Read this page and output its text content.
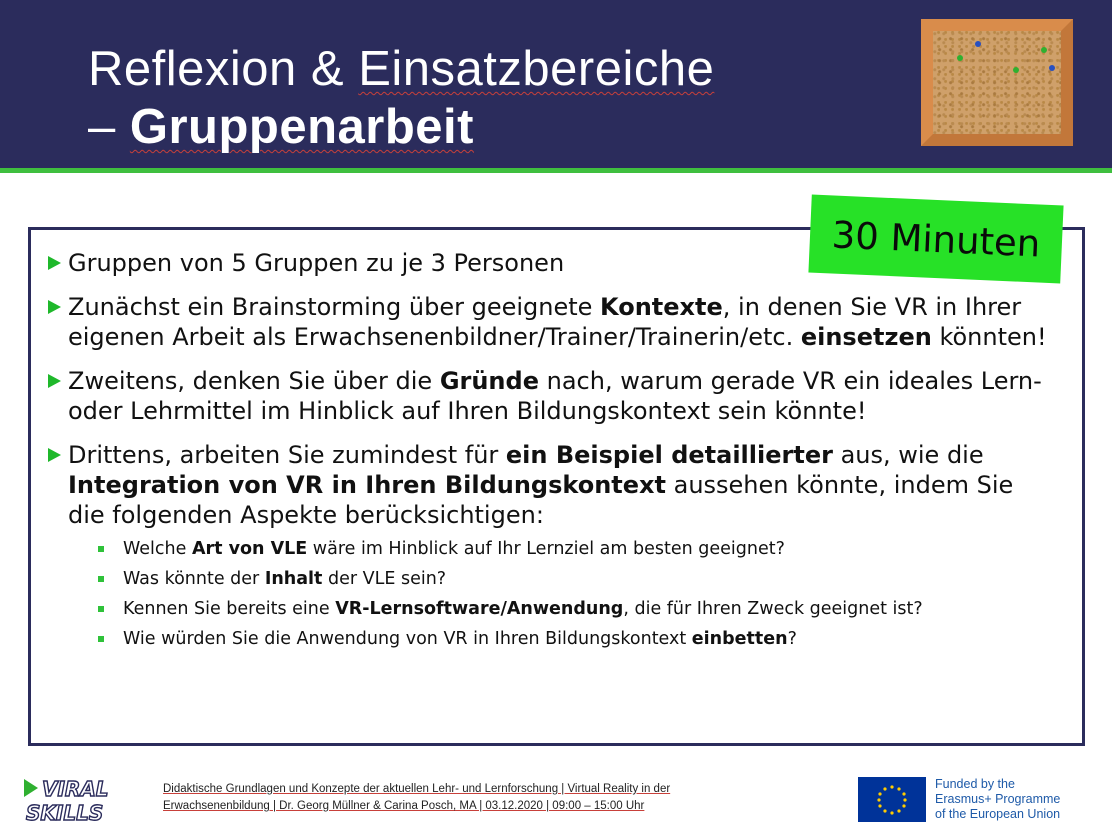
Reflexion & Einsatzbereiche
– Gruppenarbeit
Gruppen von 5 Gruppen zu je 3 Personen
Zunächst ein Brainstorming über geeignete Kontexte, in denen Sie VR in Ihrer eigenen Arbeit als Erwachsenenbildner/Trainer/Trainerin/etc. einsetzen könnten!
Zweitens, denken Sie über die Gründe nach, warum gerade VR ein ideales Lern- oder Lehrmittel im Hinblick auf Ihren Bildungskontext sein könnte!
Drittens, arbeiten Sie zumindest für ein Beispiel detaillierter aus, wie die Integration von VR in Ihren Bildungskontext aussehen könnte, indem Sie die folgenden Aspekte berücksichtigen:
Welche Art von VLE wäre im Hinblick auf Ihr Lernziel am besten geeignet?
Was könnte der Inhalt der VLE sein?
Kennen Sie bereits eine VR-Lernsoftware/Anwendung, die für Ihren Zweck geeignet ist?
Wie würden Sie die Anwendung von VR in Ihren Bildungskontext einbetten?
30 Minuten
VIRAL
SKILLS
Didaktische Grundlagen und Konzepte der aktuellen Lehr- und Lernforschung | Virtual Reality in der
Erwachsenenbildung | Dr. Georg Müllner & Carina Posch, MA | 03.12.2020 | 09:00 – 15:00 Uhr
Funded by the
Erasmus+ Programme
of the European Union
